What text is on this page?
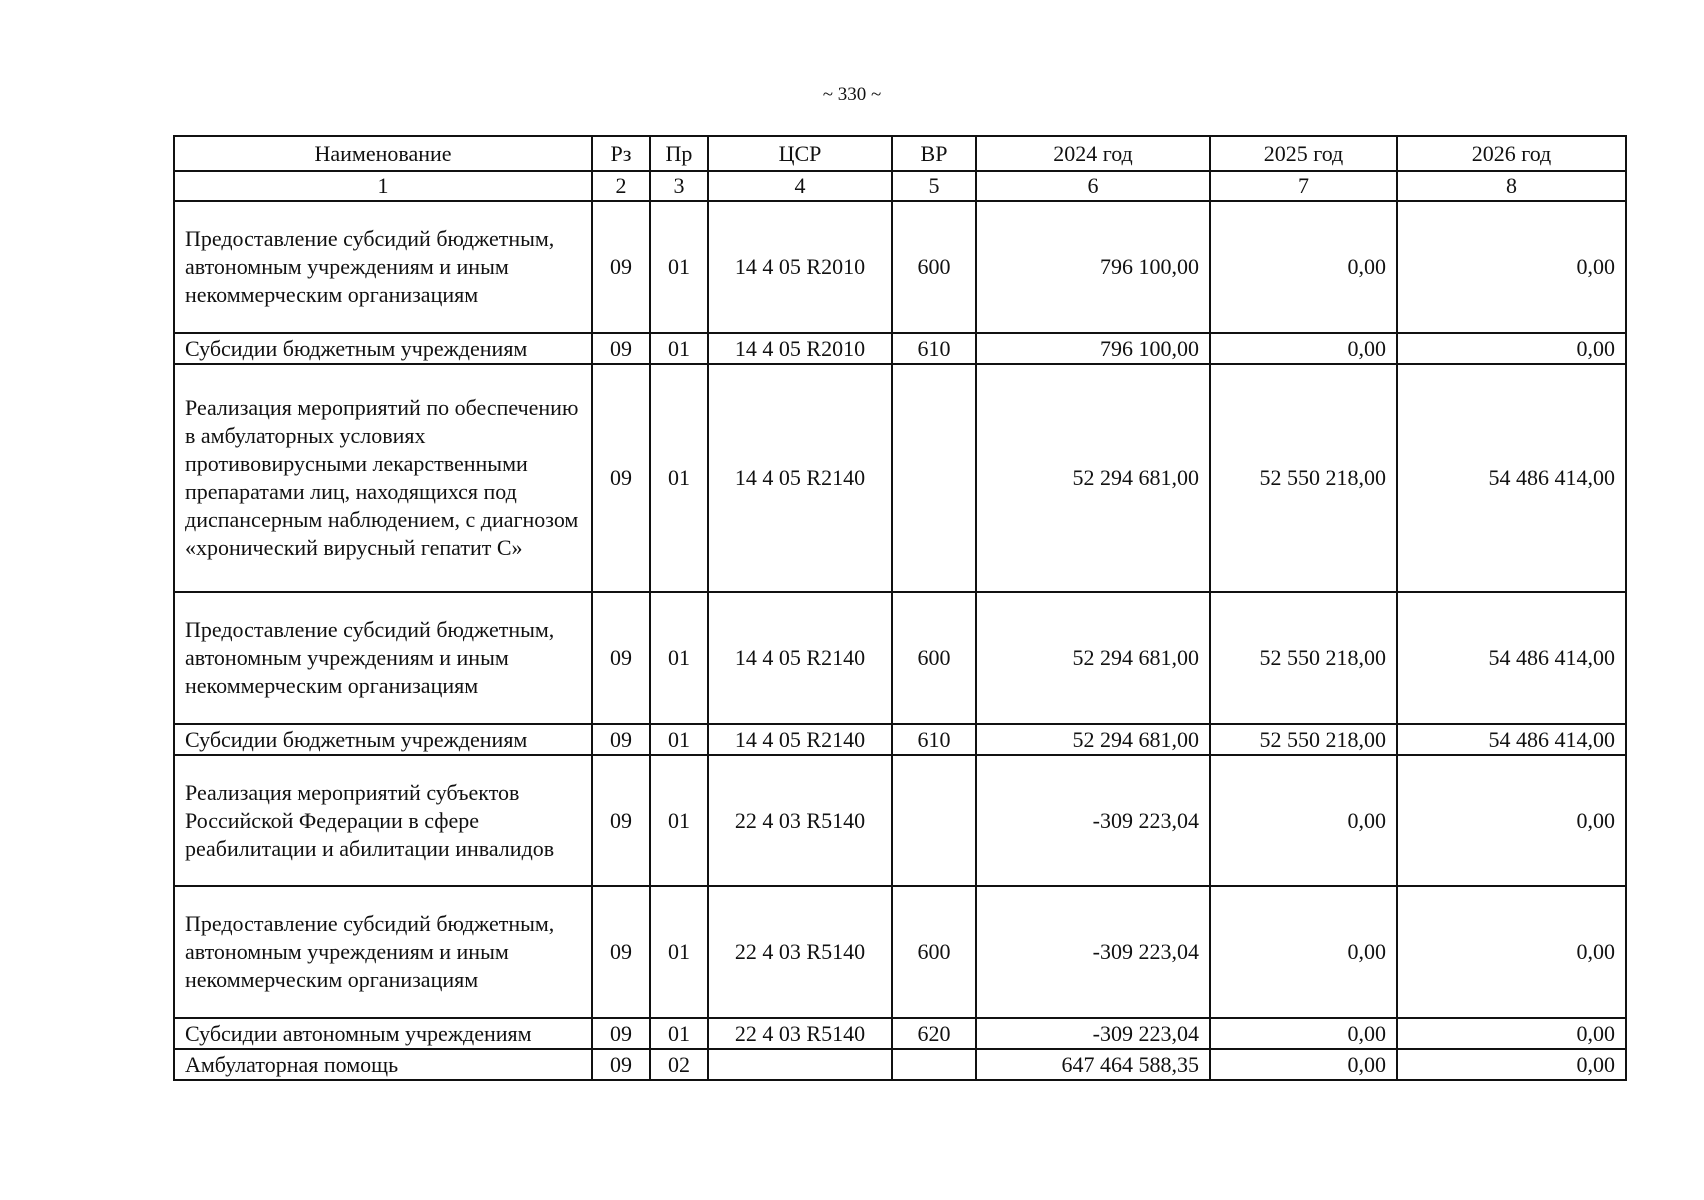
~ 330 ~
Наименование	Рз	Пр	ЦСР	ВР	2024 год	2025 год	2026 год
1	2	3	4	5	6	7	8
Предоставление субсидий бюджетным, автономным учреждениям и иным некоммерческим организациям	09	01	14 4 05 R2010	600	796 100,00	0,00	0,00
Субсидии бюджетным учреждениям	09	01	14 4 05 R2010	610	796 100,00	0,00	0,00
Реализация мероприятий по обеспечению в амбулаторных условиях противовирусными лекарственными препаратами лиц, находящихся под диспансерным наблюдением, с диагнозом «хронический вирусный гепатит С»	09	01	14 4 05 R2140		52 294 681,00	52 550 218,00	54 486 414,00
Предоставление субсидий бюджетным, автономным учреждениям и иным некоммерческим организациям	09	01	14 4 05 R2140	600	52 294 681,00	52 550 218,00	54 486 414,00
Субсидии бюджетным учреждениям	09	01	14 4 05 R2140	610	52 294 681,00	52 550 218,00	54 486 414,00
Реализация мероприятий субъектов Российской Федерации в сфере реабилитации и абилитации инвалидов	09	01	22 4 03 R5140		-309 223,04	0,00	0,00
Предоставление субсидий бюджетным, автономным учреждениям и иным некоммерческим организациям	09	01	22 4 03 R5140	600	-309 223,04	0,00	0,00
Субсидии автономным учреждениям	09	01	22 4 03 R5140	620	-309 223,04	0,00	0,00
Амбулаторная помощь	09	02			647 464 588,35	0,00	0,00
